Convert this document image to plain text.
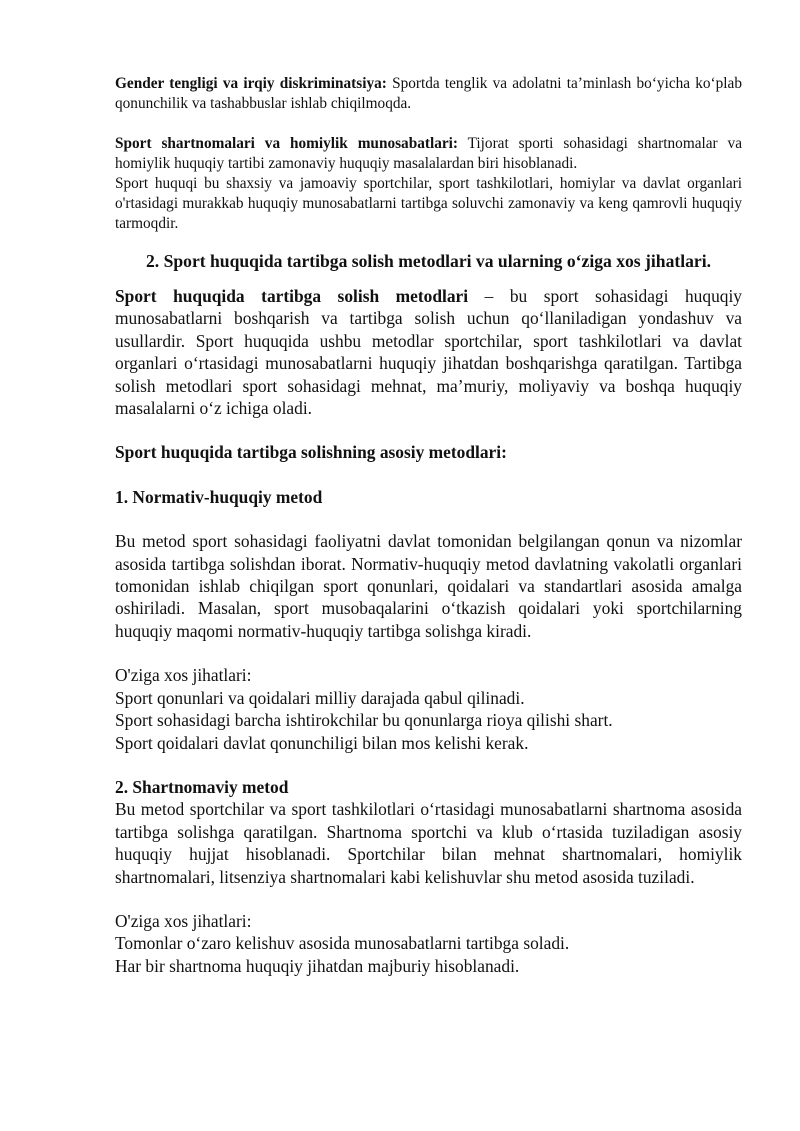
Gender tengligi va irqiy diskriminatsiya: Sportda tenglik va adolatni ta’minlash bo‘yicha ko‘plab qonunchilik va tashabbuslar ishlab chiqilmoqda.

Sport shartnomalari va homiylik munosabatlari: Tijorat sporti sohasidagi shartnomalar va homiylik huquqiy tartibi zamonaviy huquqiy masalalardan biri hisoblanadi.

Sport huquqi bu shaxsiy va jamoaviy sportchilar, sport tashkilotlari, homiylar va davlat organlari o'rtasidagi murakkab huquqiy munosabatlarni tartibga soluvchi zamonaviy va keng qamrovli huquqiy tarmoqdir.

2. Sport huquqida tartibga solish metodlari va ularning o‘ziga xos jihatlari.

Sport huquqida tartibga solish metodlari – bu sport sohasidagi huquqiy munosabatlarni boshqarish va tartibga solish uchun qo‘llaniladigan yondashuv va usullardir. Sport huquqida ushbu metodlar sportchilar, sport tashkilotlari va davlat organlari o‘rtasidagi munosabatlarni huquqiy jihatdan boshqarishga qaratilgan. Tartibga solish metodlari sport sohasidagi mehnat, ma’muriy, moliyaviy va boshqa huquqiy masalalarni o‘z ichiga oladi.

Sport huquqida tartibga solishning asosiy metodlari:

1. Normativ-huquqiy metod

Bu metod sport sohasidagi faoliyatni davlat tomonidan belgilangan qonun va nizomlar asosida tartibga solishdan iborat. Normativ-huquqiy metod davlatning vakolatli organlari tomonidan ishlab chiqilgan sport qonunlari, qoidalari va standartlari asosida amalga oshiriladi. Masalan, sport musobaqalarini o‘tkazish qoidalari yoki sportchilarning huquqiy maqomi normativ-huquqiy tartibga solishga kiradi.

O'ziga xos jihatlari:

Sport qonunlari va qoidalari milliy darajada qabul qilinadi.

Sport sohasidagi barcha ishtirokchilar bu qonunlarga rioya qilishi shart.

Sport qoidalari davlat qonunchiligi bilan mos kelishi kerak.

2. Shartnomaviy metod

Bu metod sportchilar va sport tashkilotlari o‘rtasidagi munosabatlarni shartnoma asosida tartibga solishga qaratilgan. Shartnoma sportchi va klub o‘rtasida tuziladigan asosiy huquqiy hujjat hisoblanadi. Sportchilar bilan mehnat shartnomalari, homiylik shartnomalari, litsenziya shartnomalari kabi kelishuvlar shu metod asosida tuziladi.

O'ziga xos jihatlari:

Tomonlar o‘zaro kelishuv asosida munosabatlarni tartibga soladi.

Har bir shartnoma huquqiy jihatdan majburiy hisoblanadi.
